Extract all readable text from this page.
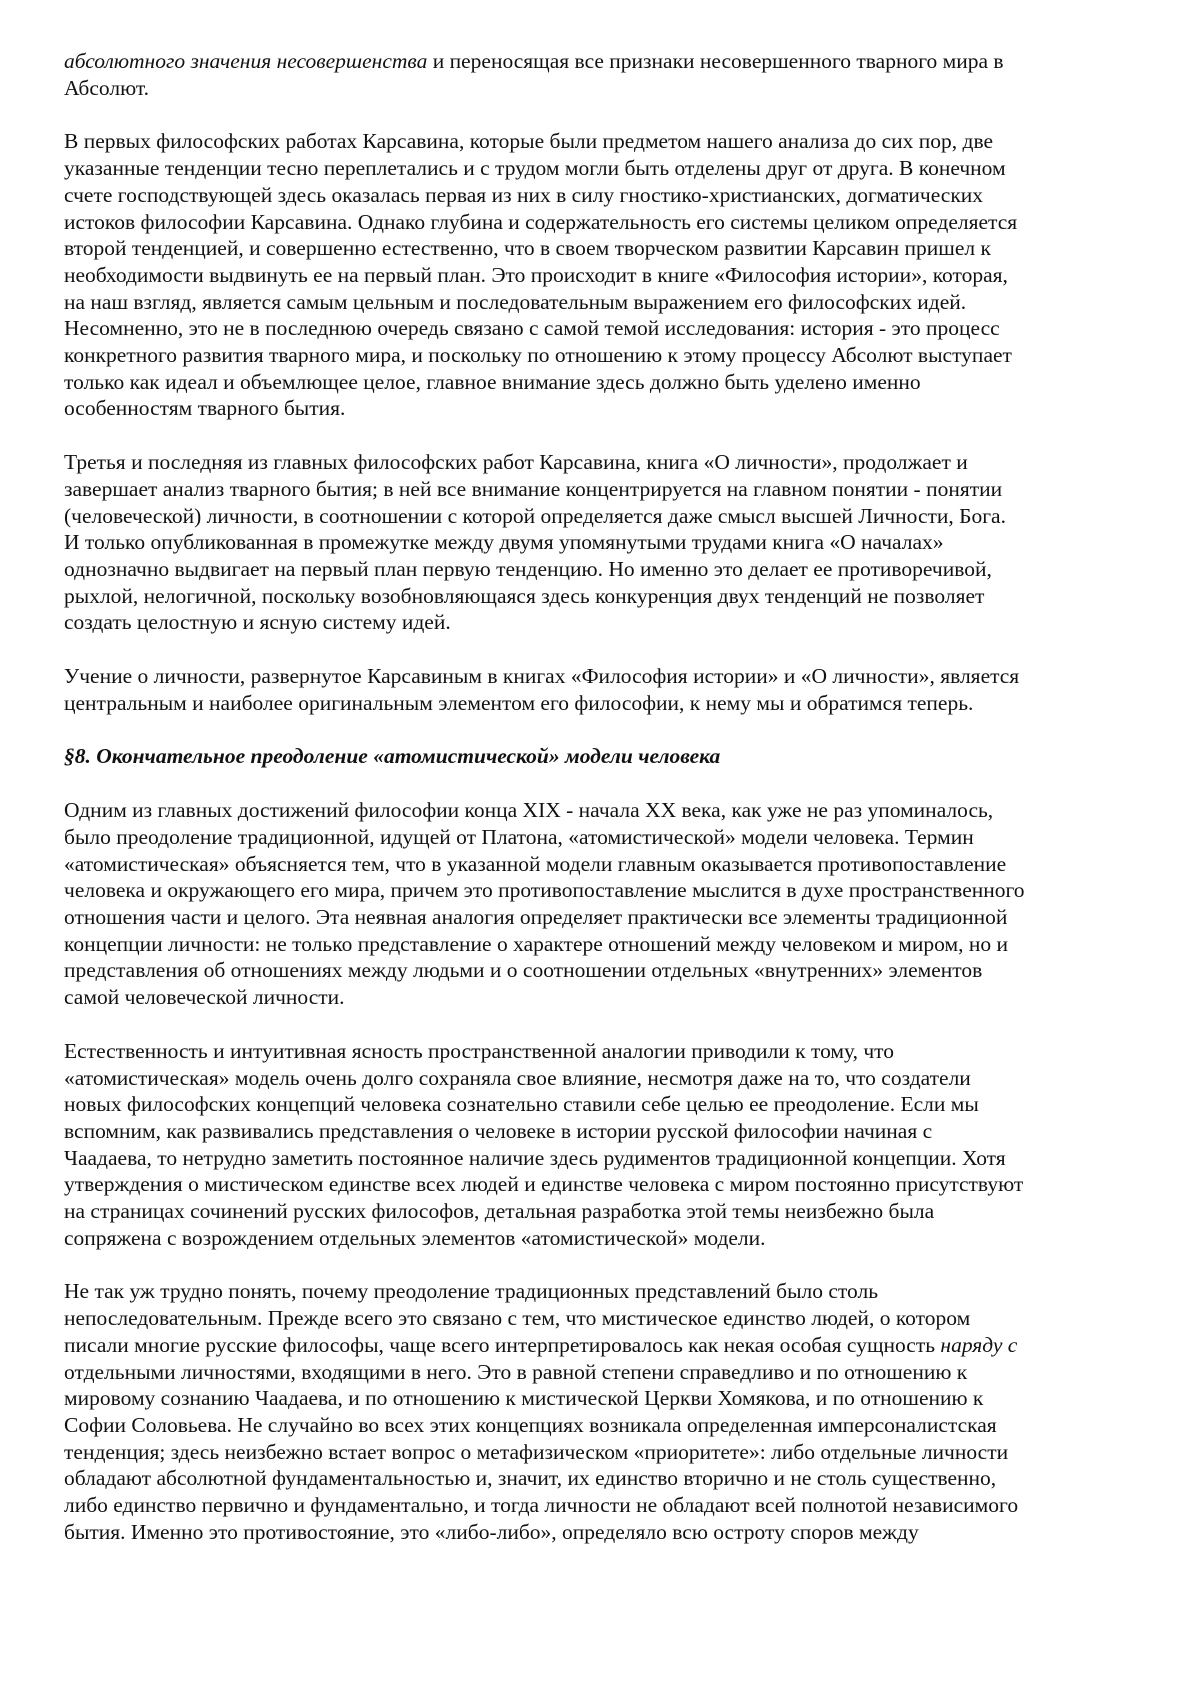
абсолютного значения несовершенства и переносящая все признаки несовершенного тварного мира в
Абсолют.

В первых философских работах Карсавина, которые были предметом нашего анализа до сих пор, две
указанные тенденции тесно переплетались и с трудом могли быть отделены друг от друга. В конечном
счете господствующей здесь оказалась первая из них в силу гностико-христианских, догматических
истоков философии Карсавина. Однако глубина и содержательность его системы целиком определяется
второй тенденцией, и совершенно естественно, что в своем творческом развитии Карсавин пришел к
необходимости выдвинуть ее на первый план. Это происходит в книге «Философия истории», которая,
на наш взгляд, является самым цельным и последовательным выражением его философских идей.
Несомненно, это не в последнюю очередь связано с самой темой исследования: история - это процесс
конкретного развития тварного мира, и поскольку по отношению к этому процессу Абсолют выступает
только как идеал и объемлющее целое, главное внимание здесь должно быть уделено именно
особенностям тварного бытия.

Третья и последняя из главных философских работ Карсавина, книга «О личности», продолжает и
завершает анализ тварного бытия; в ней все внимание концентрируется на главном понятии - понятии
(человеческой) личности, в соотношении с которой определяется даже смысл высшей Личности, Бога.
И только опубликованная в промежутке между двумя упомянутыми трудами книга «О началах»
однозначно выдвигает на первый план первую тенденцию. Но именно это делает ее противоречивой,
рыхлой, нелогичной, поскольку возобновляющаяся здесь конкуренция двух тенденций не позволяет
создать целостную и ясную систему идей.

Учение о личности, развернутое Карсавиным в книгах «Философия истории» и «О личности», является
центральным и наиболее оригинальным элементом его философии, к нему мы и обратимся теперь.

§8. Окончательное преодоление «атомистической» модели человека

Одним из главных достижений философии конца XIX - начала XX века, как уже не раз упоминалось,
было преодоление традиционной, идущей от Платона, «атомистической» модели человека. Термин
«атомистическая» объясняется тем, что в указанной модели главным оказывается противопоставление
человека и окружающего его мира, причем это противопоставление мыслится в духе пространственного
отношения части и целого. Эта неявная аналогия определяет практически все элементы традиционной
концепции личности: не только представление о характере отношений между человеком и миром, но и
представления об отношениях между людьми и о соотношении отдельных «внутренних» элементов
самой человеческой личности.

Естественность и интуитивная ясность пространственной аналогии приводили к тому, что
«атомистическая» модель очень долго сохраняла свое влияние, несмотря даже на то, что создатели
новых философских концепций человека сознательно ставили себе целью ее преодоление. Если мы
вспомним, как развивались представления о человеке в истории русской философии начиная с
Чаадаева, то нетрудно заметить постоянное наличие здесь рудиментов традиционной концепции. Хотя
утверждения о мистическом единстве всех людей и единстве человека с миром постоянно присутствуют
на страницах сочинений русских философов, детальная разработка этой темы неизбежно была
сопряжена с возрождением отдельных элементов «атомистической» модели.

Не так уж трудно понять, почему преодоление традиционных представлений было столь
непоследовательным. Прежде всего это связано с тем, что мистическое единство людей, о котором
писали многие русские философы, чаще всего интерпретировалось как некая особая сущность наряду с
отдельными личностями, входящими в него. Это в равной степени справедливо и по отношению к
мировому сознанию Чаадаева, и по отношению к мистической Церкви Хомякова, и по отношению к
Софии Соловьева. Не случайно во всех этих концепциях возникала определенная имперсоналистская
тенденция; здесь неизбежно встает вопрос о метафизическом «приоритете»: либо отдельные личности
обладают абсолютной фундаментальностью и, значит, их единство вторично и не столь существенно,
либо единство первично и фундаментально, и тогда личности не обладают всей полнотой независимого
бытия. Именно это противостояние, это «либо-либо», определяло всю остроту споров между
